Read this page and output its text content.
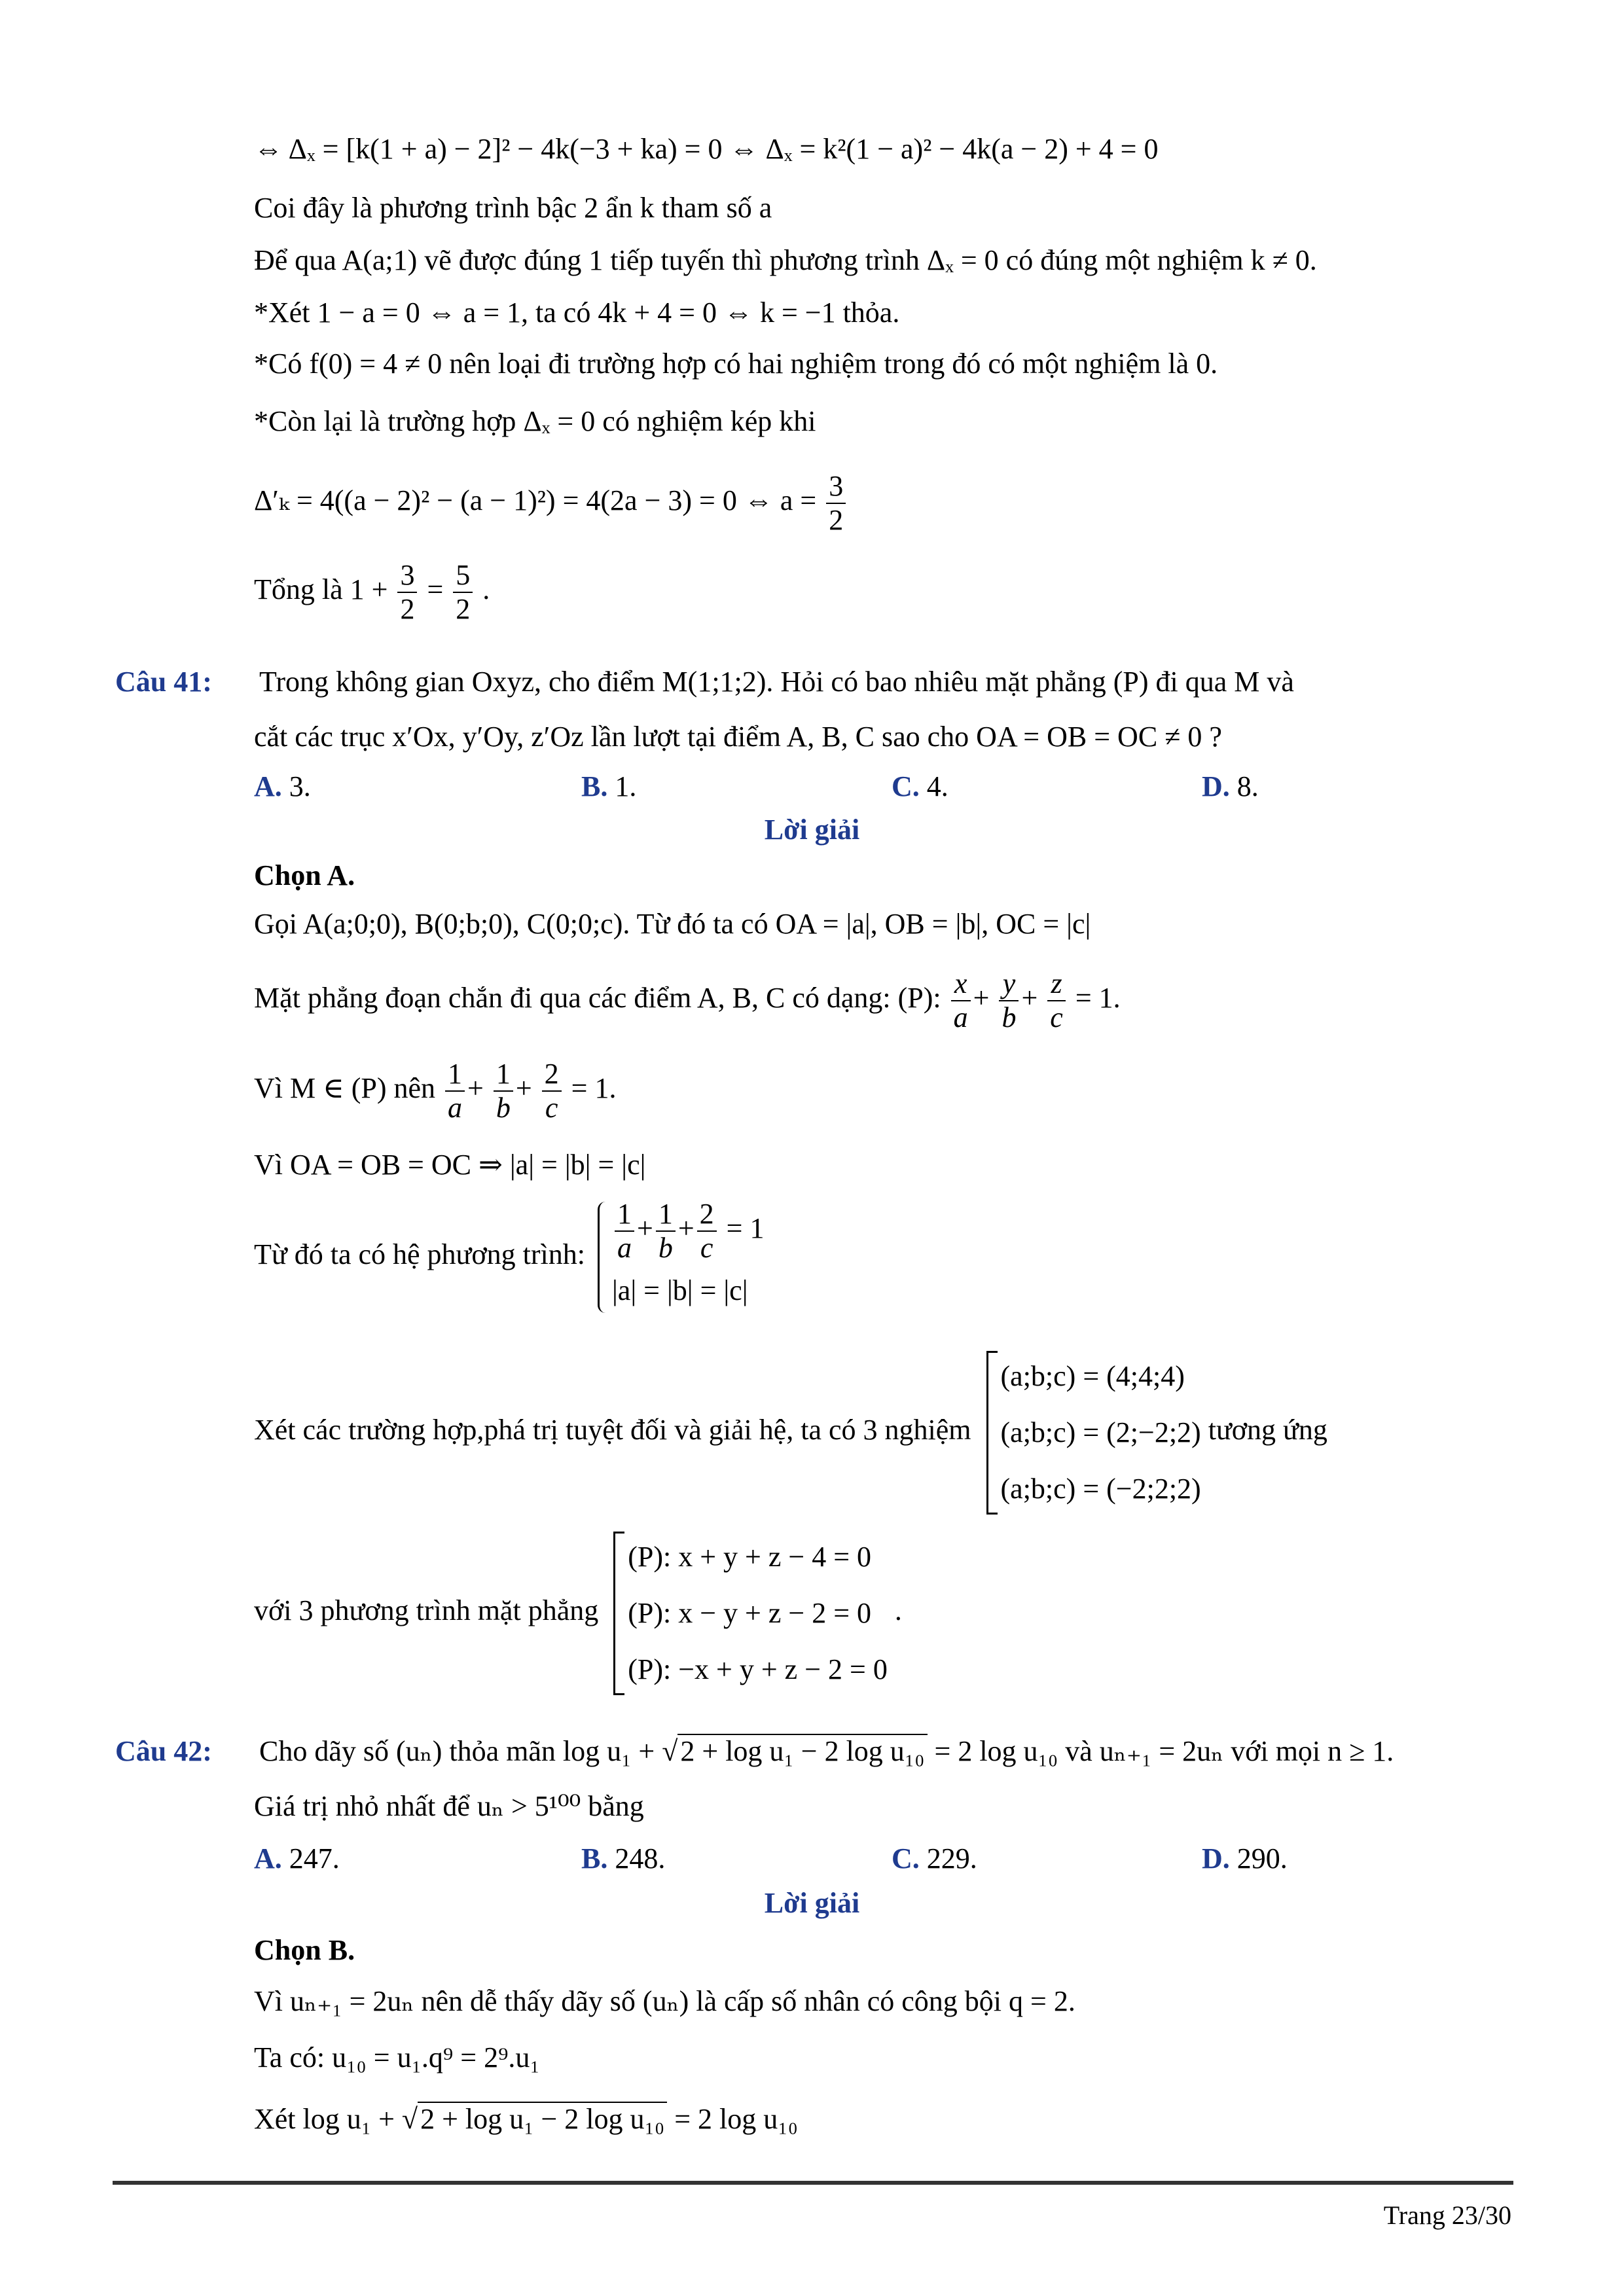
⇔ Δₓ = [k(1 + a) − 2]² − 4k(−3 + ka) = 0 ⇔ Δₓ = k²(1 − a)² − 4k(a − 2) + 4 = 0
Coi đây là phương trình bậc 2 ẩn k tham số a
Để qua A(a;1) vẽ được đúng 1 tiếp tuyến thì phương trình Δₓ = 0 có đúng một nghiệm k ≠ 0.
*Xét 1 − a = 0 ⇔ a = 1, ta có 4k + 4 = 0 ⇔ k = −1 thỏa.
*Có f(0) = 4 ≠ 0 nên loại đi trường hợp có hai nghiệm trong đó có một nghiệm là 0.
*Còn lại là trường hợp Δₓ = 0 có nghiệm kép khi
Δ′ₖ = 4((a − 2)² − (a − 1)²) = 4(2a − 3) = 0 ⇔ $a = \frac{3}{2}$
Tổng là $1 + \frac{3}{2} = \frac{5}{2}$ .
Câu 41: Trong không gian Oxyz, cho điểm M(1;1;2). Hỏi có bao nhiêu mặt phẳng (P) đi qua M và
cắt các trục x′Ox, y′Oy, z′Oz lần lượt tại điểm A, B, C sao cho OA = OB = OC ≠ 0 ?
A. 3.	B. 1.	C. 4.	D. 8.
Lời giải
Chọn A.
Gọi A(a;0;0), B(0;b;0), C(0;0;c). Từ đó ta có OA = |a|, OB = |b|, OC = |c|
Mặt phẳng đoạn chắn đi qua các điểm A, B, C có dạng: (P): $\frac{x}{a} + \frac{y}{b} + \frac{z}{c} = 1$.
Vì M ∈ (P) nên $\frac{1}{a} + \frac{1}{b} + \frac{2}{c} = 1$.
Vì OA = OB = OC ⇒ |a| = |b| = |c|
Từ đó ta có hệ phương trình: $\frac{1}{a} + \frac{1}{b} + \frac{2}{c} = 1$
|a| = |b| = |c|
Xét các trường hợp,phá trị tuyệt đối và giải hệ, ta có 3 nghiệm
(a;b;c) = (4;4;4)
(a;b;c) = (2;−2;2)
(a;b;c) = (−2;2;2)
tương ứng
với 3 phương trình mặt phẳng
(P): x + y + z − 4 = 0
(P): x − y + z − 2 = 0
(P): −x + y + z − 2 = 0
.
Câu 42: Cho dãy số (uₙ) thỏa mãn log u₁ + √2 + log u₁ − 2 log u₁₀ = 2 log u₁₀ và uₙ₊₁ = 2uₙ với mọi n ≥ 1.
Giá trị nhỏ nhất để uₙ > 5¹⁰⁰ bằng
A. 247.	B. 248.	C. 229.	D. 290.
Lời giải
Chọn B.
Vì uₙ₊₁ = 2uₙ nên dễ thấy dãy số (uₙ) là cấp số nhân có công bội q = 2.
Ta có: u₁₀ = u₁.q⁹ = 2⁹.u₁
Xét log u₁ + √2 + log u₁ − 2 log u₁₀ = 2 log u₁₀
Trang 23/30
